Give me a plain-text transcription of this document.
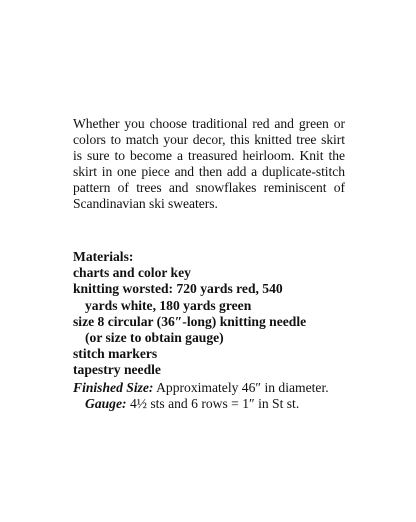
Whether you choose traditional red and green or colors to match your decor, this knitted tree skirt is sure to become a treasured heirloom. Knit the skirt in one piece and then add a duplicate-stitch pattern of trees and snowflakes reminiscent of Scandinavian ski sweaters.

Materials:
charts and color key
knitting worsted: 720 yards red, 540
yards white, 180 yards green
size 8 circular (36″-long) knitting needle
(or size to obtain gauge)
stitch markers
tapestry needle
Finished Size: Approximately 46″ in diameter.
Gauge: 4½ sts and 6 rows = 1″ in St st.
